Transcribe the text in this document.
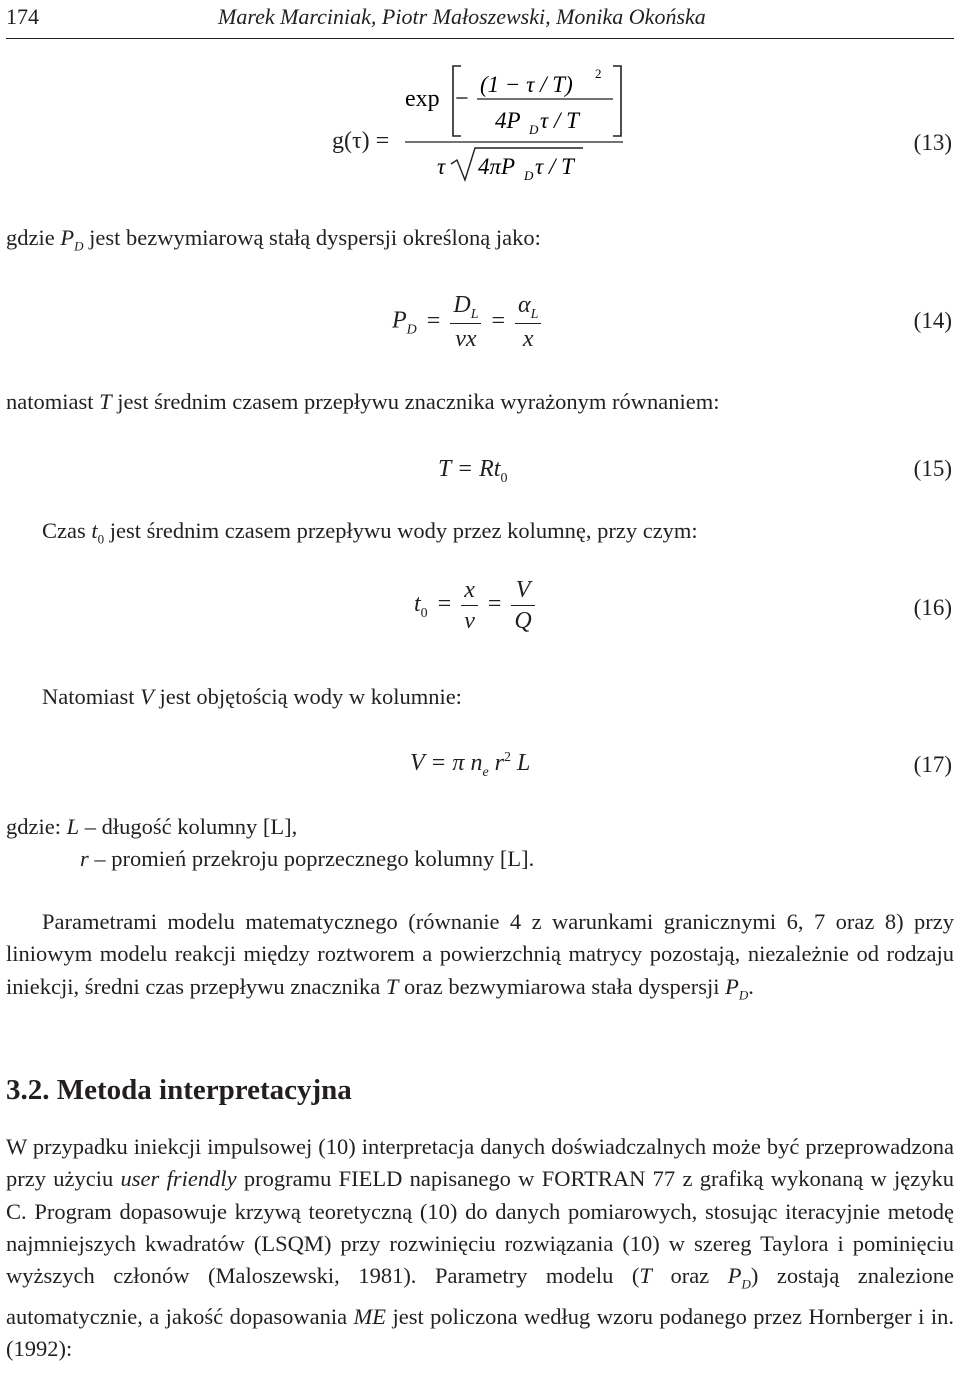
174	Marek Marciniak, Piotr Małoszewski, Monika Okońska
g(τ) =
exp −
(1 − τ / T) 2
4P D τ / T
τ 4πP D τ / T
(13)
gdzie $P_D$ jest bezwymiarową stałą dyspersji określoną jako:
$P_D = \frac{D_L}{vx} = \frac{\alpha_L}{x}$	(14)
natomiast T jest średnim czasem przepływu znacznika wyrażonym równaniem:
$T = Rt_0$	(15)
Czas $t_0$ jest średnim czasem przepływu wody przez kolumnę, przy czym:
$t_0 = \frac{x}{v} = \frac{V}{Q}$	(16)
Natomiast V jest objętością wody w kolumnie:
V = π $n_e$ $r^2$ L	(17)
gdzie: L – długość kolumny [L],
r – promień przekroju poprzecznego kolumny [L].
Parametrami modelu matematycznego (równanie 4 z warunkami granicznymi 6, 7 oraz 8) przy liniowym modelu reakcji między roztworem a powierzchnią matrycy pozostają, niezależnie od rodzaju iniekcji, średni czas przepływu znacznika T oraz bezwymiarowa stała dyspersji $P_D$.
3.2. Metoda interpretacyjna
W przypadku iniekcji impulsowej (10) interpretacja danych doświadczalnych może być przeprowadzona przy użyciu user friendly programu FIELD napisanego w FORTRAN 77 z grafiką wykonaną w języku C. Program dopasowuje krzywą teoretyczną (10) do danych pomiarowych, stosując iteracyjnie metodę najmniejszych kwadratów (LSQM) przy rozwinięciu rozwiązania (10) w szereg Taylora i pominięciu wyższych członów (Maloszewski, 1981). Parametry modelu (T oraz $P_D$) zostają znalezione automatycznie, a jakość dopasowania ME jest policzona według wzoru podanego przez Hornberger i in. (1992):
